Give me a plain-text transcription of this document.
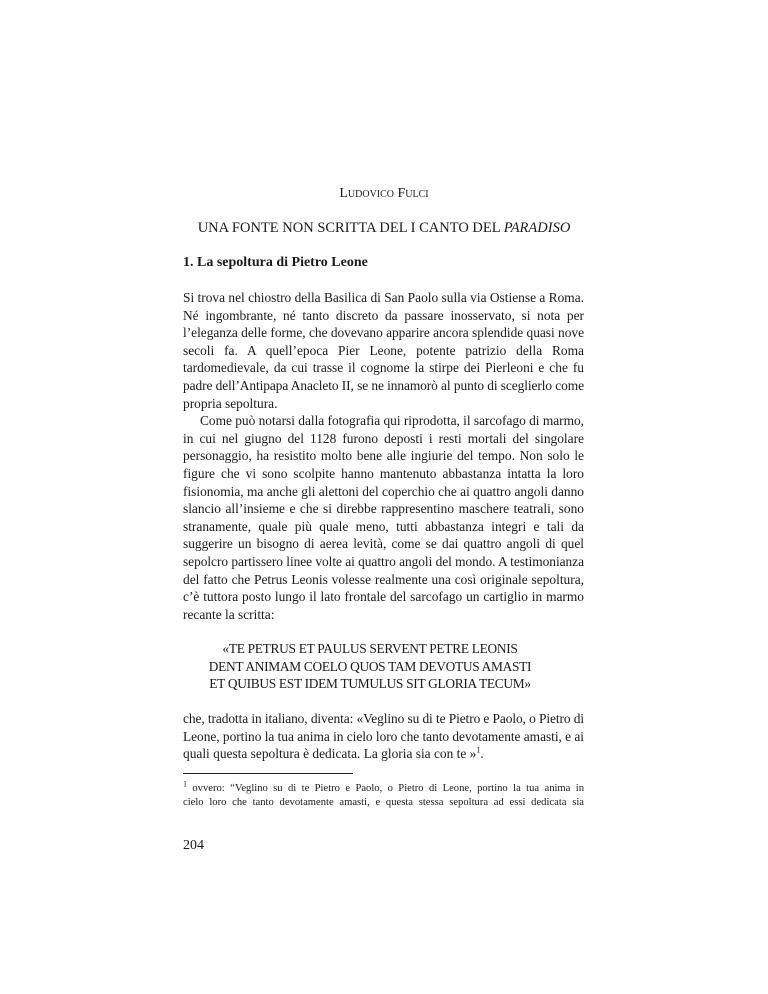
Ludovico Fulci
UNA FONTE NON SCRITTA DEL I CANTO DEL PARADISO
1. La sepoltura di Pietro Leone
Si trova nel chiostro della Basilica di San Paolo sulla via Ostiense a Roma.
Né ingombrante, né tanto discreto da passare inosservato, si nota per
l’eleganza delle forme, che dovevano apparire ancora splendide quasi nove
secoli fa. A quell’epoca Pier Leone, potente patrizio della Roma
tardomedievale, da cui trasse il cognome la stirpe dei Pierleoni e che fu
padre dell’Antipapa Anacleto II, se ne innamorò al punto di sceglierlo come
propria sepoltura.
Come può notarsi dalla fotografia qui riprodotta, il sarcofago di marmo,
in cui nel giugno del 1128 furono deposti i resti mortali del singolare
personaggio, ha resistito molto bene alle ingiurie del tempo. Non solo le
figure che vi sono scolpite hanno mantenuto abbastanza intatta la loro
fisionomia, ma anche gli alettoni del coperchio che ai quattro angoli danno
slancio all’insieme e che si direbbe rappresentino maschere teatrali, sono
stranamente, quale più quale meno, tutti abbastanza integri e tali da
suggerire un bisogno di aerea levità, come se dai quattro angoli di quel
sepolcro partissero linee volte ai quattro angoli del mondo. A testimonianza
del fatto che Petrus Leonis volesse realmente una così originale sepoltura,
c’è tuttora posto lungo il lato frontale del sarcofago un cartiglio in marmo
recante la scritta:
«TE PETRUS ET PAULUS SERVENT PETRE LEONIS
DENT ANIMAM COELO QUOS TAM DEVOTUS AMASTI
ET QUIBUS EST IDEM TUMULUS SIT GLORIA TECUM»
che, tradotta in italiano, diventa: «Veglino su di te Pietro e Paolo, o Pietro di
Leone, portino la tua anima in cielo loro che tanto devotamente amasti, e ai
quali questa sepoltura è dedicata. La gloria sia con te »$^1$.
$^1$ ovvero: “Veglino su di te Pietro e Paolo, o Pietro di Leone, portino la tua anima in
cielo loro che tanto devotamente amasti, e questa stessa sepoltura ad essi dedicata sia
204
